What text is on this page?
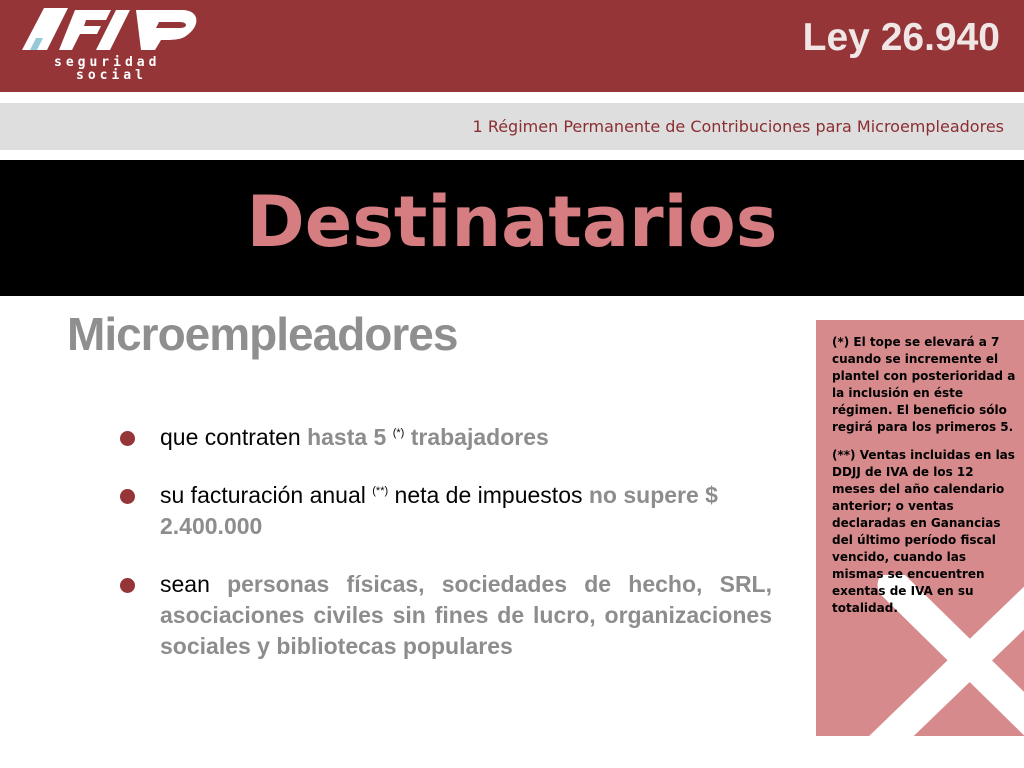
seguridad
social
Ley 26.940
1 Régimen Permanente de Contribuciones para Microempleadores
Destinatarios
Microempleadores
que contraten hasta 5 (*) trabajadores
su facturación anual (**) neta de impuestos no supere $ 2.400.000
sean personas físicas, sociedades de hecho, SRL, asociaciones civiles sin fines de lucro, organizaciones sociales y bibliotecas populares

(*) El tope se elevará a 7 cuando se incremente el plantel con posterioridad a la inclusión en éste régimen. El beneficio sólo regirá para los primeros 5.

(**) Ventas incluidas en las DDJJ de IVA de los 12 meses del año calendario anterior; o ventas declaradas en Ganancias del último período fiscal vencido, cuando las mismas se encuentren exentas de IVA en su totalidad.
